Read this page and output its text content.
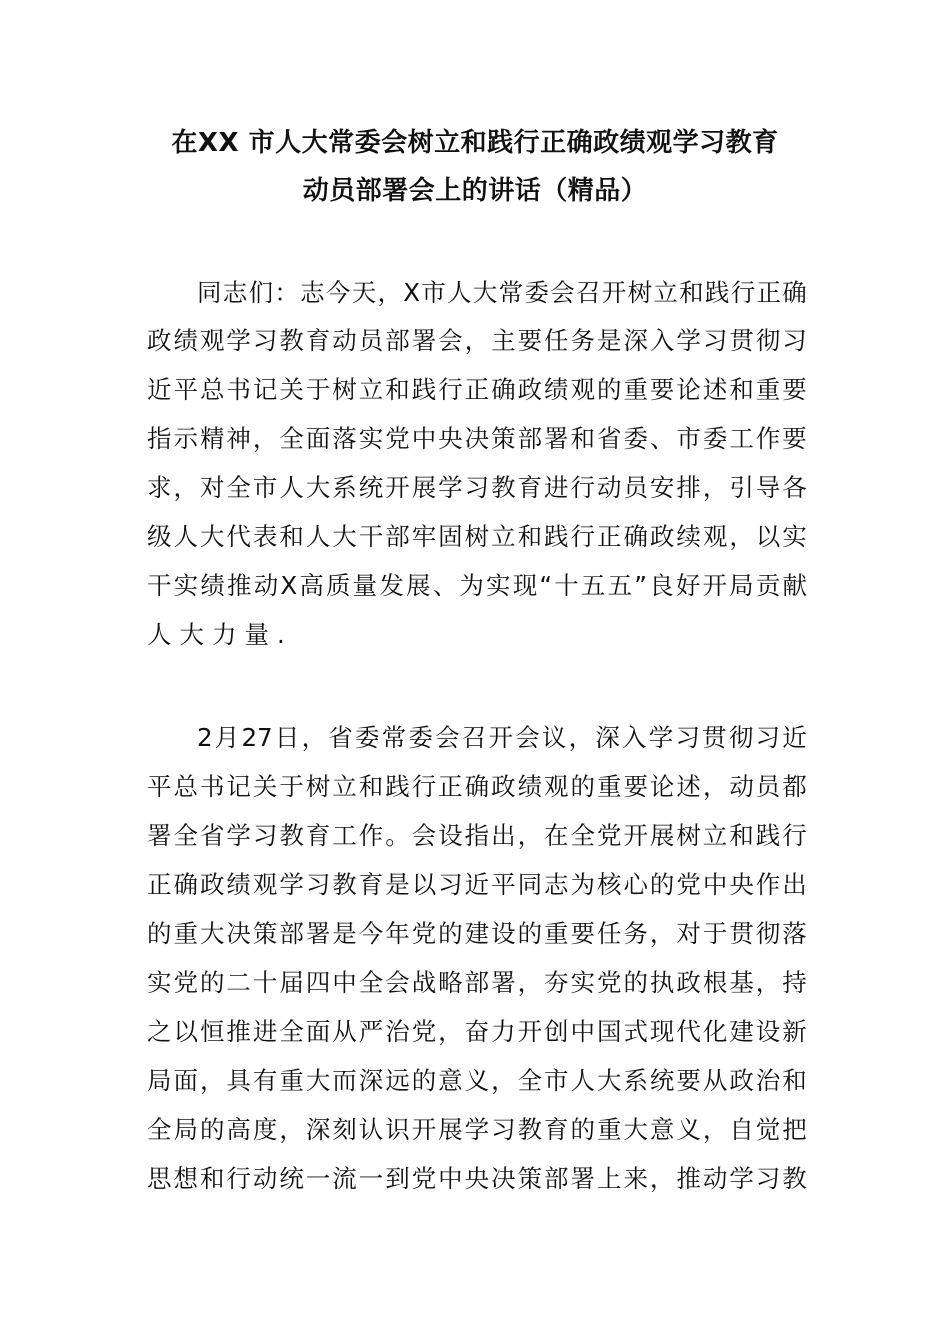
在XX 市人大常委会树立和践行正确政绩观学习教育
动员部署会上的讲话（精品）
同 志 们 ： 志 今 天 ， X 市 人 大 常 委 会 召 开 树 立 和 践 行 正 确
政 绩 观 学 习 教 育 动 员 部 署 会 ， 主 要 任 务 是 深 入 学 习 贯 彻 习
近 平 总 书 记 关 于 树 立 和 践 行 正 确 政 绩 观 的 重 要 论 述 和 重 要
指 示 精 神 ， 全 面 落 实 党 中 央 决 策 部 署 和 省 委 、 市 委 工 作 要
求 ， 对 全 市 人 大 系 统 开 展 学 习 教 育 进 行 动 员 安 排 ， 引 导 各
级 人 大 代 表 和 人 大 干 部 牢 固 树 立 和 践 行 正 确 政 续 观 ， 以 实
干 实 绩 推 动 X 高 质 量 发 展 、 为 实 现 “ 十 五 五 ” 良 好 开 局 贡 献
人大力量.
2 月 27 日 ， 省 委 常 委 会 召 开 会 议 ， 深 入 学 习 贯 彻 习 近
平 总 书 记 关 于 树 立 和 践 行 正 确 政 绩 观 的 重 要 论 述 ， 动 员 都
署 全 省 学 习 教 育 工 作 。 会 设 指 出 ， 在 全 党 开 展 树 立 和 践 行
正 确 政 绩 观 学 习 教 育 是 以 习 近 平 同 志 为 核 心 的 党 中 央 作 出
的 重 大 决 策 部 署 是 今 年 党 的 建 设 的 重 要 任 务 ， 对 于 贯 彻 落
实 党 的 二 十 届 四 中 全 会 战 略 部 署 ， 夯 实 党 的 执 政 根 基 ， 持
之 以 恒 推 进 全 面 从 严 治 党 ， 奋 力 开 创 中 国 式 现 代 化 建 设 新
局 面 ， 具 有 重 大 而 深 远 的 意 义 ， 全 市 人 大 系 统 要 从 政 治 和
全 局 的 高 度 ， 深 刻 认 识 开 展 学 习 教 育 的 重 大 意 义 ， 自 觉 把
思 想 和 行 动 统 一 流 一 到 党 中 央 决 策 部 署 上 来 ， 推 动 学 习 教
